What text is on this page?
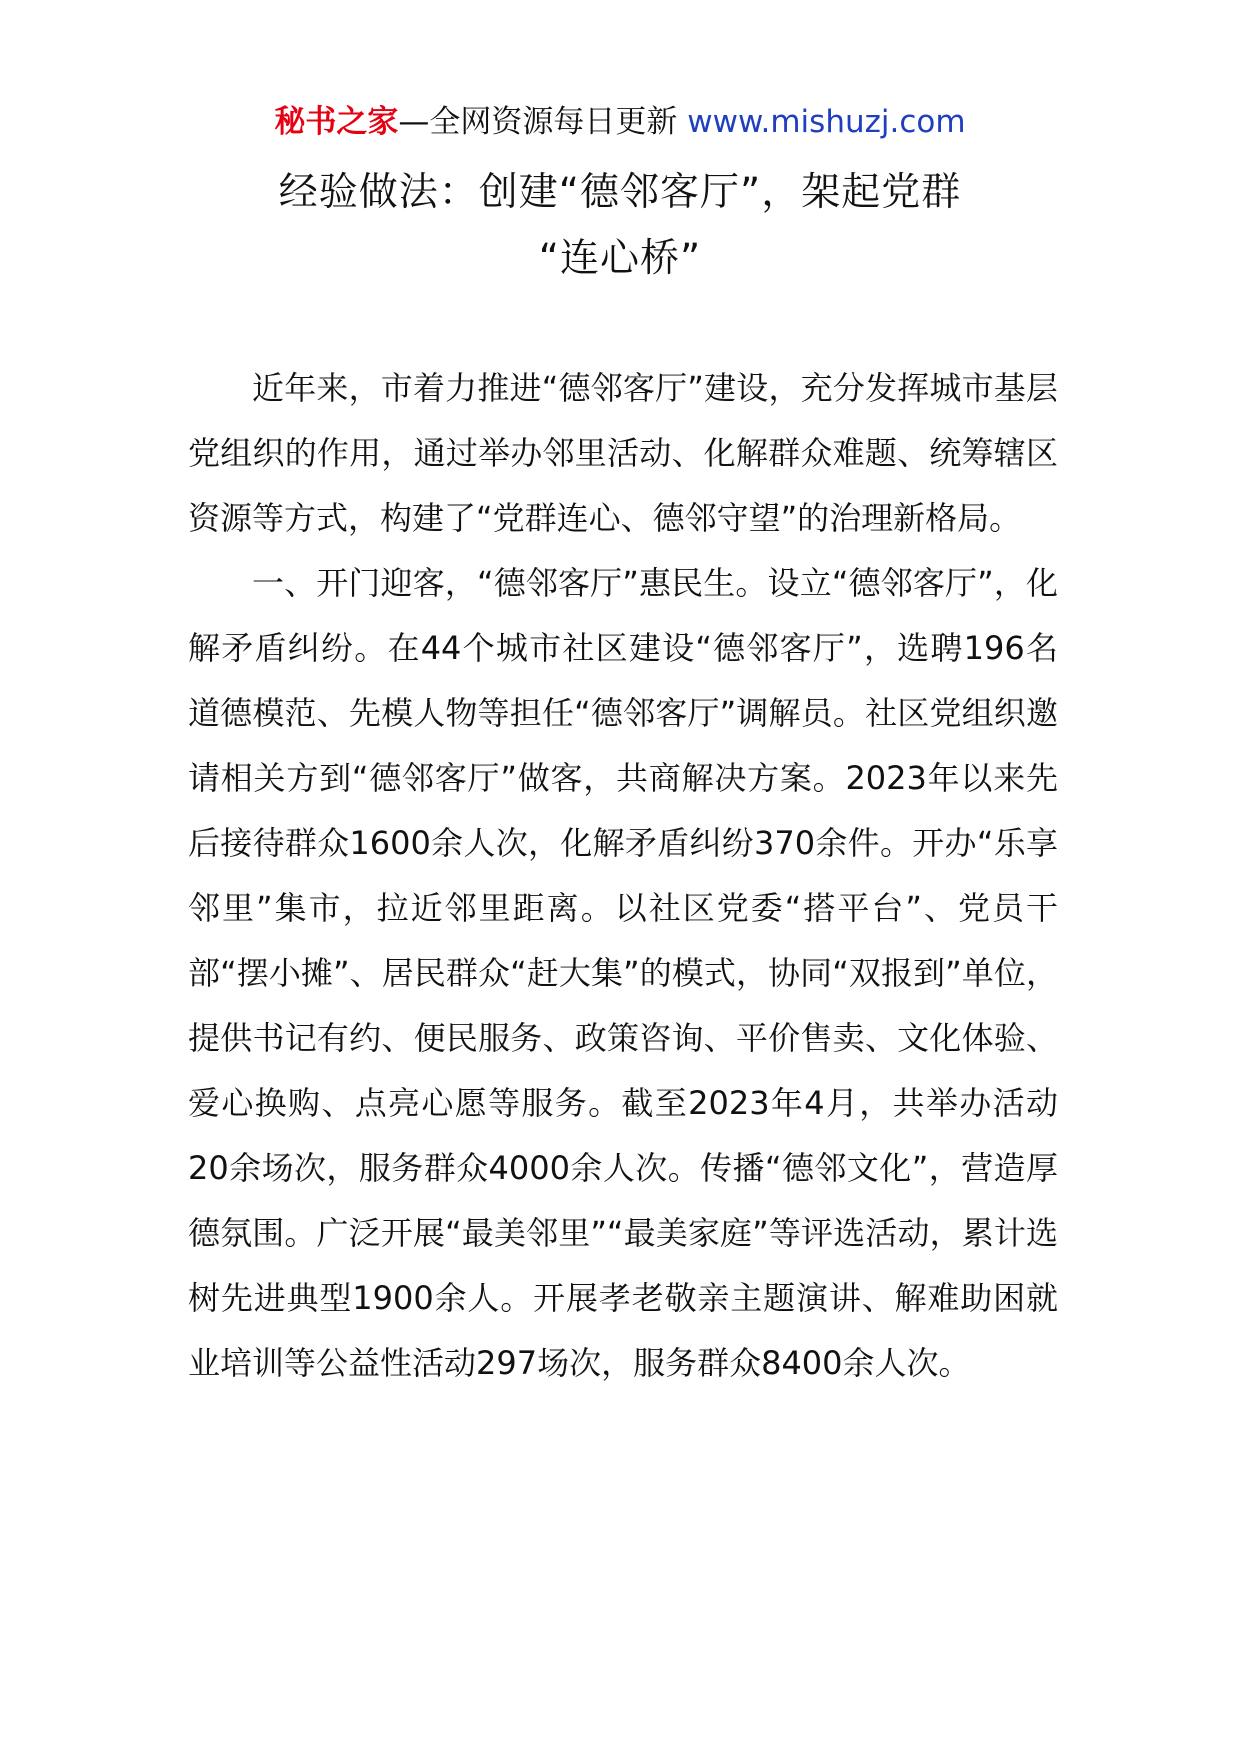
秘书之家—全网资源每日更新 www.mishuzj.com
经验做法：创建“德邻客厅”，架起党群
“连心桥”

近年来，市着力推进“德邻客厅”建设，充分发挥城市基层党组织的作用，通过举办邻里活动、化解群众难题、统筹辖区资源等方式，构建了“党群连心、德邻守望”的治理新格局。

一、开门迎客，“德邻客厅”惠民生。设立“德邻客厅”，化解矛盾纠纷。在44个城市社区建设“德邻客厅”，选聘196名道德模范、先模人物等担任“德邻客厅”调解员。社区党组织邀请相关方到“德邻客厅”做客，共商解决方案。2023年以来先后接待群众1600余人次，化解矛盾纠纷370余件。开办“乐享邻里”集市，拉近邻里距离。以社区党委“搭平台”、党员干部“摆小摊”、居民群众“赶大集”的模式，协同“双报到”单位，提供书记有约、便民服务、政策咨询、平价售卖、文化体验、爱心换购、点亮心愿等服务。截至2023年4月，共举办活动20余场次，服务群众4000余人次。传播“德邻文化”，营造厚德氛围。广泛开展“最美邻里”“最美家庭”等评选活动，累计选树先进典型1900余人。开展孝老敬亲主题演讲、解难助困就业培训等公益性活动297场次，服务群众8400余人次。
